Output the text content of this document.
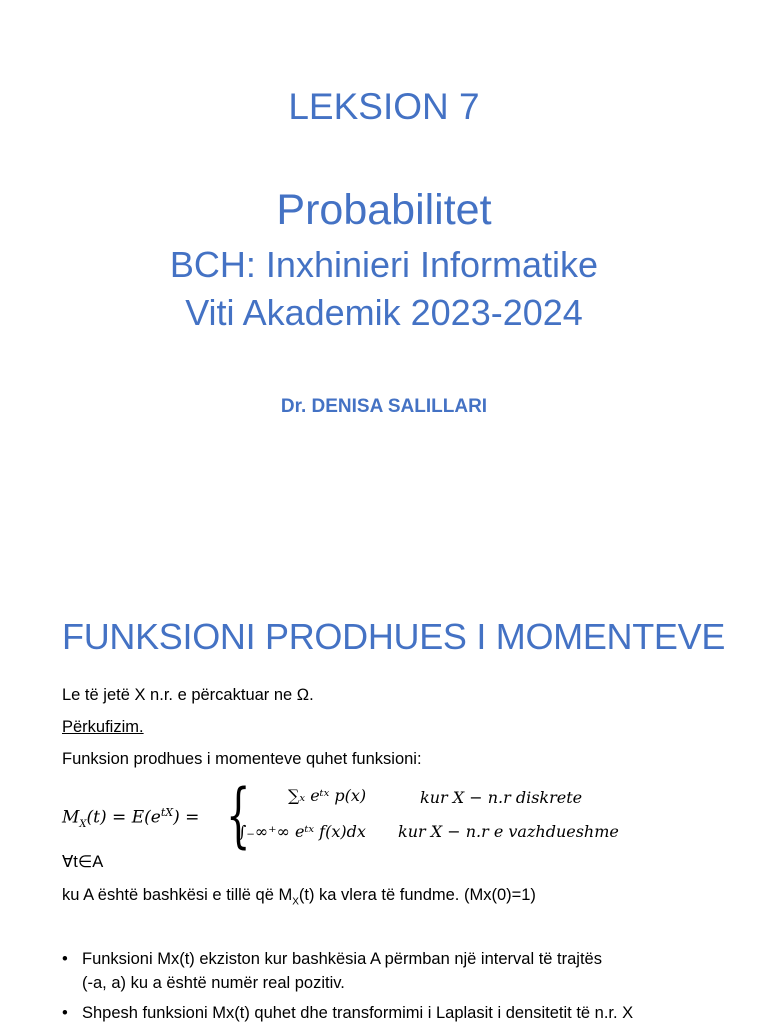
LEKSION 7
Probabilitet
BCH: Inxhinieri Informatike
Viti Akademik 2023-2024
Dr. DENISA SALILLARI
FUNKSIONI PRODHUES I MOMENTEVE
Le të jetë X n.r. e përcaktuar ne Ω.
Përkufizim.
Funksion prodhues i momenteve quhet funksioni:
$M_X(t) = E(e^{tX})$ = { ∑ₓ eᵗˣ p(x)	kur X − n.r diskrete
∫₋∞⁺∞ eᵗˣ f(x)dx kur X − n.r e vazhdueshme
∀t∈A
ku A është bashkësi e tillë që $M_X(t)$ ka vlera të fundme. (Mx(0)=1)
• Funksioni Mx(t) ekziston kur bashkësia A përmban një interval të trajtës
(-a, a) ku a është numër real pozitiv.
• Shpesh funksioni Mx(t) quhet dhe transformimi i Laplasit i densitetit të n.r. X
